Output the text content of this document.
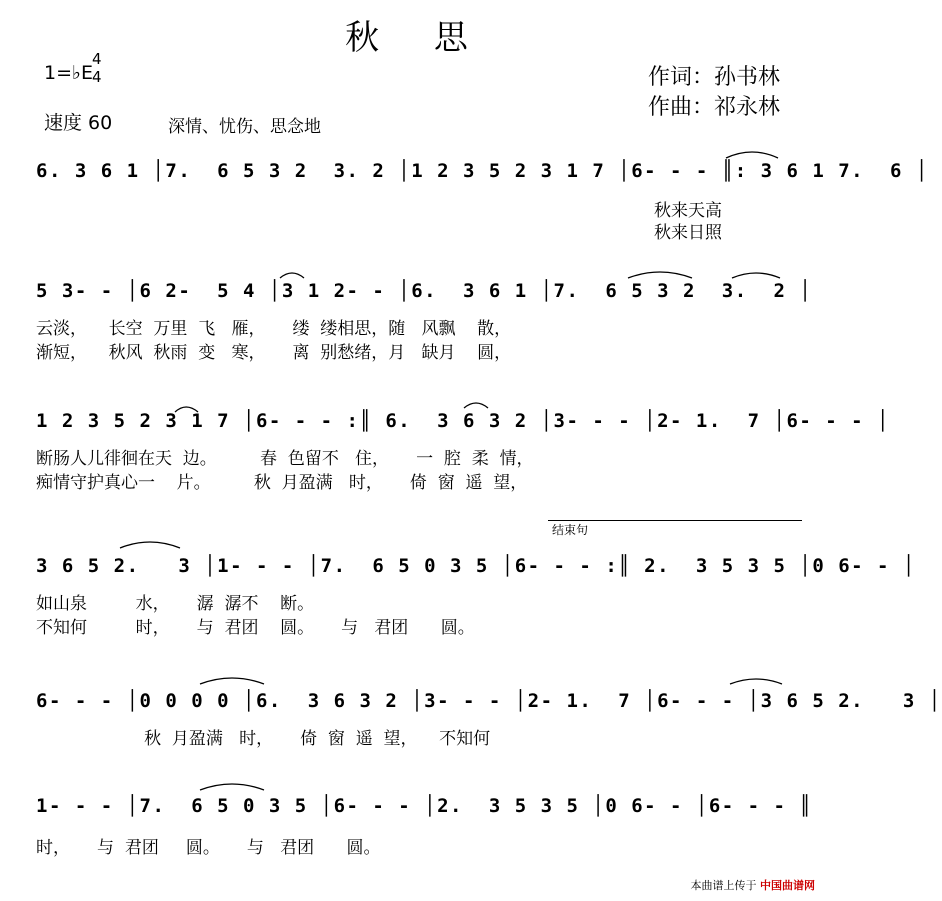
秋 思
1=♭E
4
4
速度 60	深情、忧伤、思念地
作词：孙书林
作曲：祁永林
6. 3 6 1 │7.  6 5 3 2  3. 2 │1 2 3 5 2 3 1 7 │6- - - ║: 3 6 1 7.  6 │
秋来天高
秋来日照
5 3- - │6 2-  5 4 │3 1 2- - │6.  3 6 1 │7.  6 5 3 2  3.  2 │
云淡，    长空  万里  飞   雁，     缕  缕相思，随   风飘    散，
渐短，    秋风  秋雨  变   寒，     离  别愁绪，月   缺月    圆，
1 2 3 5 2 3 1 7 │6- - - :║ 6.  3 6 3 2 │3- - - │2- 1.  7 │6- - - │
断肠人儿徘徊在天  边。        春  色留不   住，     一  腔  柔  情，
痴情守护真心一    片。        秋  月盈满   时，     倚  窗  遥  望，
结束句
3 6 5 2.   3 │1- - - │7.  6 5 0 3 5 │6- - - :║ 2.  3 5 3 5 │0 6- - │
如山泉         水，     潺  潺不    断。
不知何         时，     与  君团    圆。     与   君团      圆。
6- - - │0 0 0 0 │6.  3 6 3 2 │3- - - │2- 1.  7 │6- - - │3 6 5 2.   3 │
秋  月盈满   时，     倚  窗  遥  望，    不知何
1- - - │7.  6 5 0 3 5 │6- - - │2.  3 5 3 5 │0 6- - │6- - - ║
时，     与  君团     圆。     与   君团      圆。
本曲谱上传于 中国曲谱网
